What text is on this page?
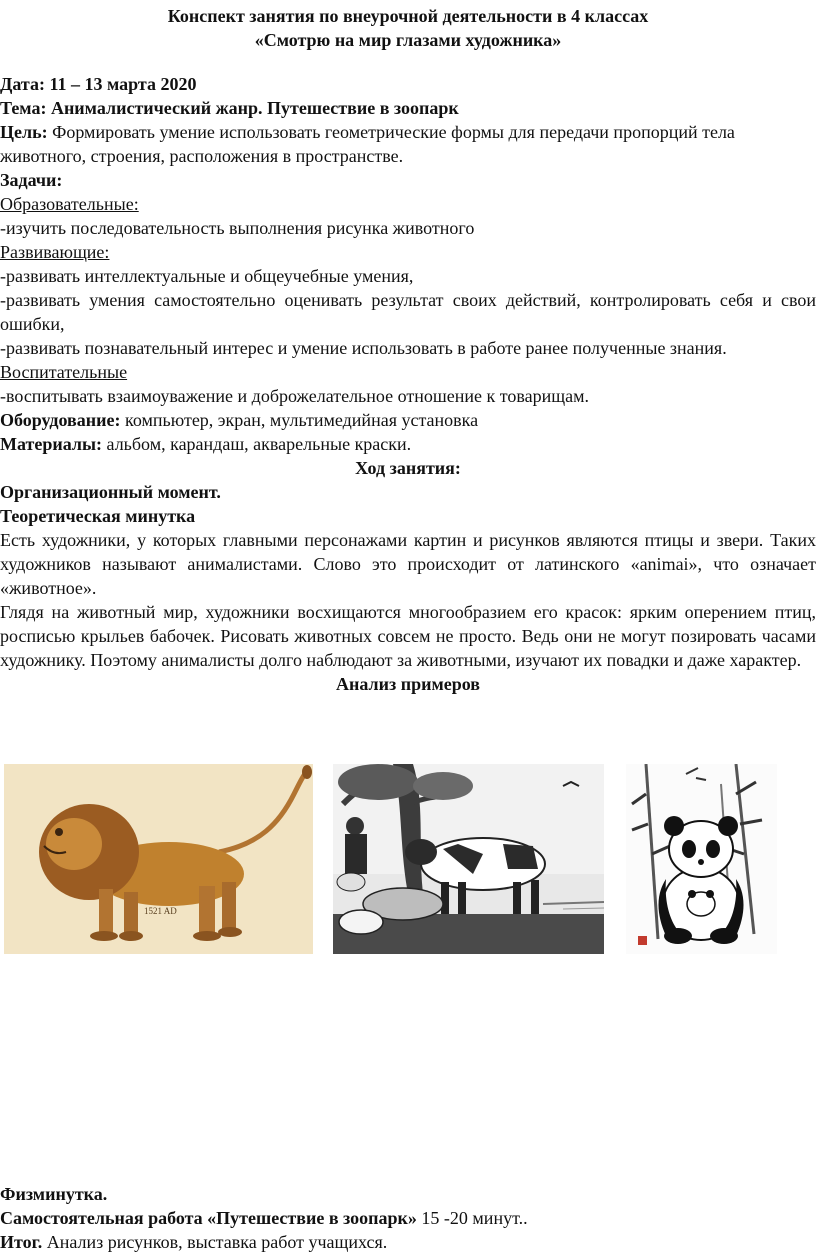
Конспект занятия по внеурочной деятельности в 4 классах

«Смотрю на мир глазами художника»

Дата: 11 – 13 марта 2020

Тема: Анималистический жанр. Путешествие в зоопарк

Цель: Формировать умение использовать геометрические формы для передачи пропорций тела животного, строения, расположения в пространстве.

Задачи:

Образовательные:

-изучить последовательность выполнения рисунка животного

Развивающие:

-развивать интеллектуальные и общеучебные умения,

-развивать умения самостоятельно оценивать результат своих действий, контролировать себя и свои ошибки,

-развивать познавательный интерес и умение использовать в работе ранее полученные знания.

Воспитательные

-воспитывать взаимоуважение и доброжелательное отношение к товарищам.

Оборудование: компьютер, экран, мультимедийная установка

Материалы: альбом, карандаш, акварельные краски.

Ход занятия:

Организационный момент.

Теоретическая минутка

Есть художники, у которых главными персонажами картин и рисунков являются птицы и звери. Таких художников называют анималистами. Слово это происходит от латинского «animai», что означает «животное».

Глядя на животный мир, художники восхищаются многообразием его красок: ярким оперением птиц, росписью крыльев бабочек. Рисовать животных совсем не просто. Ведь они не могут позировать часами художнику. Поэтому анималисты долго наблюдают за животными, изучают их повадки и даже характер.

Анализ примеров

1521 AD

Физминутка.

Самостоятельная работа «Путешествие в зоопарк» 15 -20 минут..

Итог. Анализ рисунков, выставка работ учащихся.
